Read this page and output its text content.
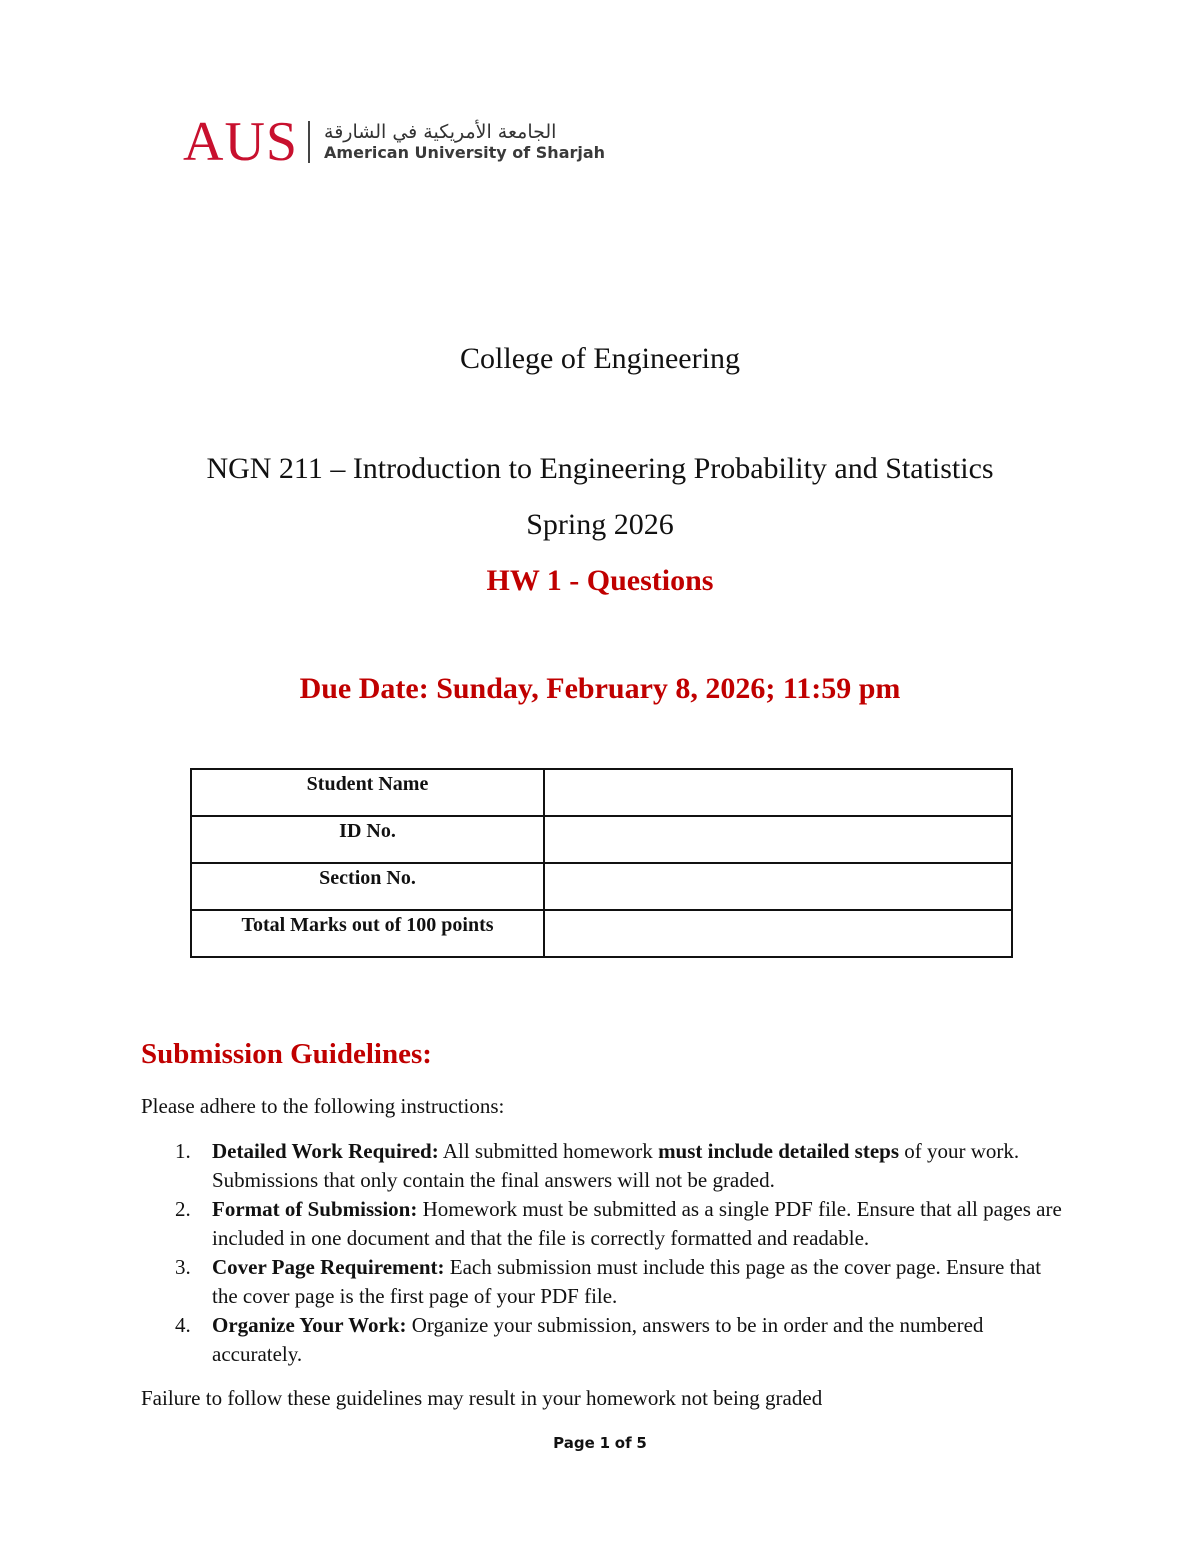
AUS الجامعة الأمريكية في الشارقة
American University of Sharjah
College of Engineering
NGN 211 – Introduction to Engineering Probability and Statistics
Spring 2026
HW 1 - Questions
Due Date: Sunday, February 8, 2026; 11:59 pm
Student Name	
ID No.	
Section No.	
Total Marks out of 100 points	
Submission Guidelines:
Please adhere to the following instructions:
1. Detailed Work Required: All submitted homework must include detailed steps of your work. Submissions that only contain the final answers will not be graded.
2. Format of Submission: Homework must be submitted as a single PDF file. Ensure that all pages are included in one document and that the file is correctly formatted and readable.
3. Cover Page Requirement: Each submission must include this page as the cover page. Ensure that the cover page is the first page of your PDF file.
4. Organize Your Work: Organize your submission, answers to be in order and the numbered accurately.
Failure to follow these guidelines may result in your homework not being graded
Page 1 of 5
